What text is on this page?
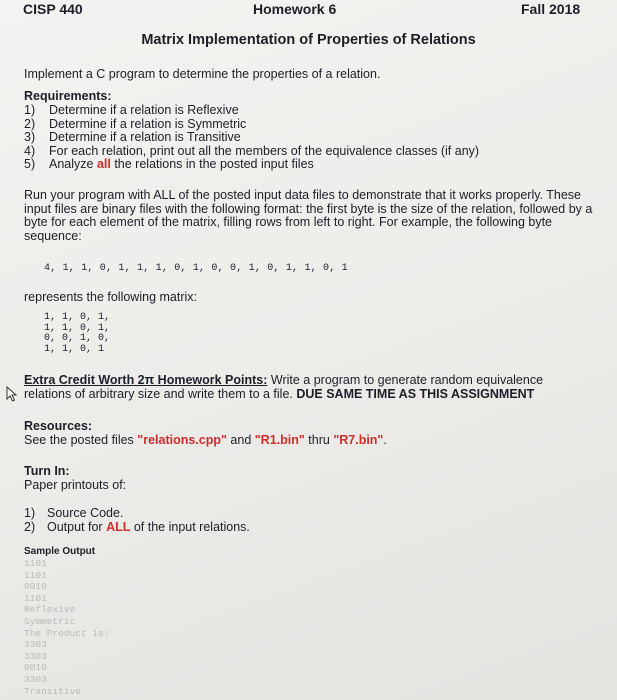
CISP 440	Homework 6	Fall 2018
Matrix Implementation of Properties of Relations
Implement a C program to determine the properties of a relation.
Requirements:
1) Determine if a relation is Reflexive
2) Determine if a relation is Symmetric
3) Determine if a relation is Transitive
4) For each relation, print out all the members of the equivalence classes (if any)
5) Analyze all the relations in the posted input files
Run your program with ALL of the posted input data files to demonstrate that it works properly. These input files are binary files with the following format: the first byte is the size of the relation, followed by a byte for each element of the matrix, filling rows from left to right. For example, the following byte sequence:
4, 1, 1, 0, 1, 1, 1, 0, 1, 0, 0, 1, 0, 1, 1, 0, 1
represents the following matrix:
1, 1, 0, 1,
1, 1, 0, 1,
0, 0, 1, 0,
1, 1, 0, 1
Extra Credit Worth 2π Homework Points: Write a program to generate random equivalence relations of arbitrary size and write them to a file. DUE SAME TIME AS THIS ASSIGNMENT
Resources:
See the posted files "relations.cpp" and "R1.bin" thru "R7.bin".
Turn In:
Paper printouts of:
1) Source Code.
2) Output for ALL of the input relations.
Sample Output
1101
1101
0010
1101
Reflexive
Symmetric
The Product is:
3303
3303
0010
3303
Transitive
